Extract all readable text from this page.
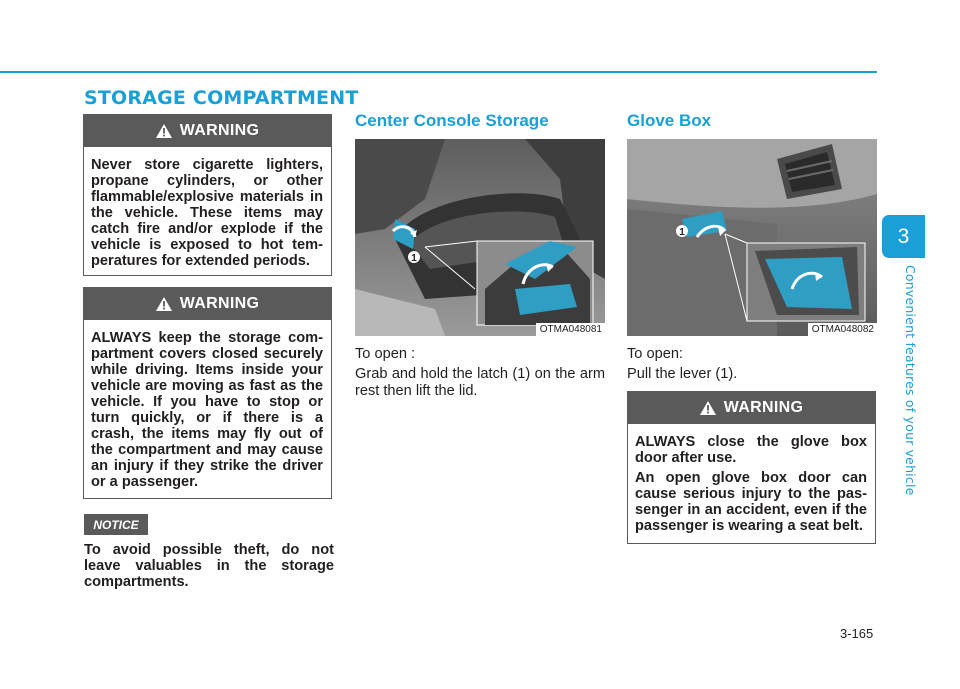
STORAGE COMPARTMENT
WARNING

Never store cigarette lighters, propane cylinders, or other flammable/explosive materials in the vehicle. These items may catch fire and/or explode if the vehicle is exposed to hot temperatures for extended periods.

WARNING

ALWAYS keep the storage compartment covers closed securely while driving. Items inside your vehicle are moving as fast as the vehicle. If you have to stop or turn quickly, or if there is a crash, the items may fly out of the compartment and may cause an injury if they strike the driver or a passenger.

NOTICE
To avoid possible theft, do not leave valuables in the storage compartments.
Center Console Storage
1
OTMA048081
To open :
Grab and hold the latch (1) on the arm rest then lift the lid.
Glove Box
1
OTMA048082
To open:
Pull the lever (1).
WARNING

ALWAYS close the glove box door after use.

An open glove box door can cause serious injury to the passenger in an accident, even if the passenger is wearing a seat belt.

3
Convenient features of your vehicle
3-165
